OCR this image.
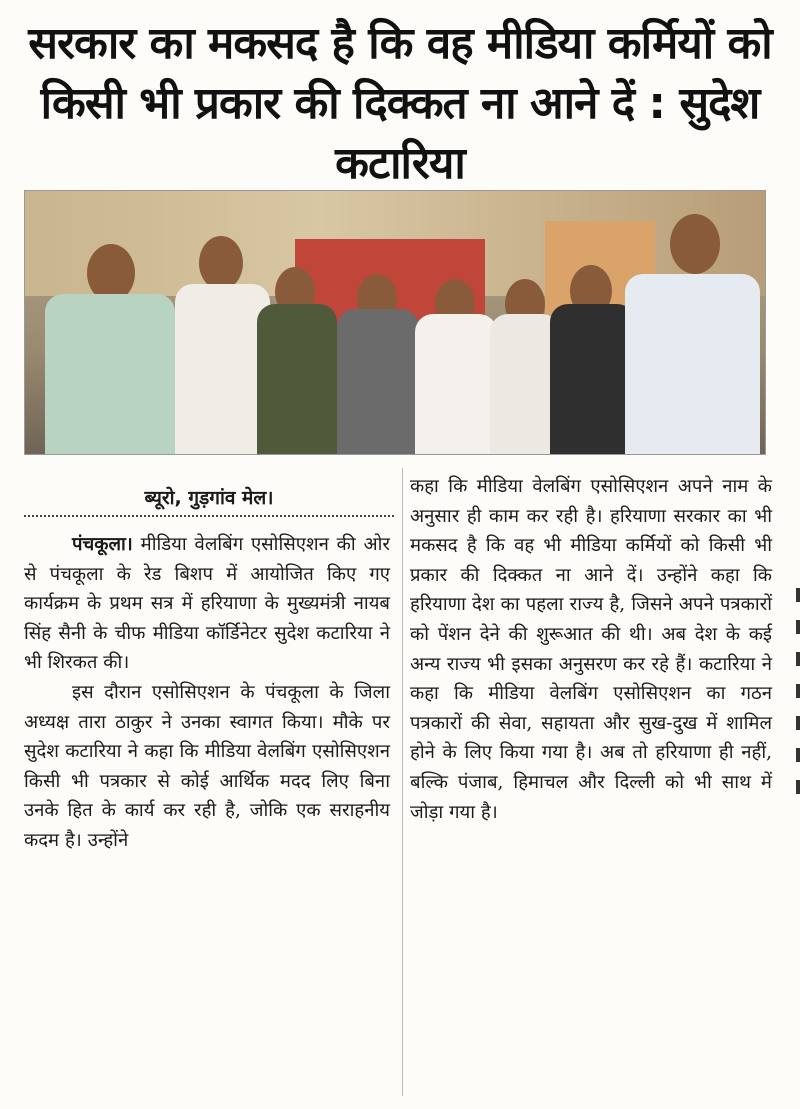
सरकार का मकसद है कि वह मीडिया कर्मियों को किसी भी प्रकार की दिक्कत ना आने दें : सुदेश कटारिया
ब्यूरो, गुड़गांव मेल।

पंचकूला। मीडिया वेलबिंग एसोसिएशन की ओर से पंचकूला के रेड बिशप में आयोजित किए गए कार्यक्रम के प्रथम सत्र में हरियाणा के मुख्यमंत्री नायब सिंह सैनी के चीफ मीडिया कॉर्डिनेटर सुदेश कटारिया ने भी शिरकत की।

इस दौरान एसोसिएशन के पंचकूला के जिला अध्यक्ष तारा ठाकुर ने उनका स्वागत किया। मौके पर सुदेश कटारिया ने कहा कि मीडिया वेलबिंग एसोसिएशन किसी भी पत्रकार से कोई आर्थिक मदद लिए बिना उनके हित के कार्य कर रही है, जोकि एक सराहनीय कदम है। उन्होंने

कहा कि मीडिया वेलबिंग एसोसिएशन अपने नाम के अनुसार ही काम कर रही है। हरियाणा सरकार का भी मकसद है कि वह भी मीडिया कर्मियों को किसी भी प्रकार की दिक्कत ना आने दें। उन्होंने कहा कि हरियाणा देश का पहला राज्य है, जिसने अपने पत्रकारों को पेंशन देने की शुरूआत की थी। अब देश के कई अन्य राज्य भी इसका अनुसरण कर रहे हैं। कटारिया ने कहा कि मीडिया वेलबिंग एसोसिएशन का गठन पत्रकारों की सेवा, सहायता और सुख-दुख में शामिल होने के लिए किया गया है। अब तो हरियाणा ही नहीं, बल्कि पंजाब, हिमाचल और दिल्ली को भी साथ में जोड़ा गया है।
